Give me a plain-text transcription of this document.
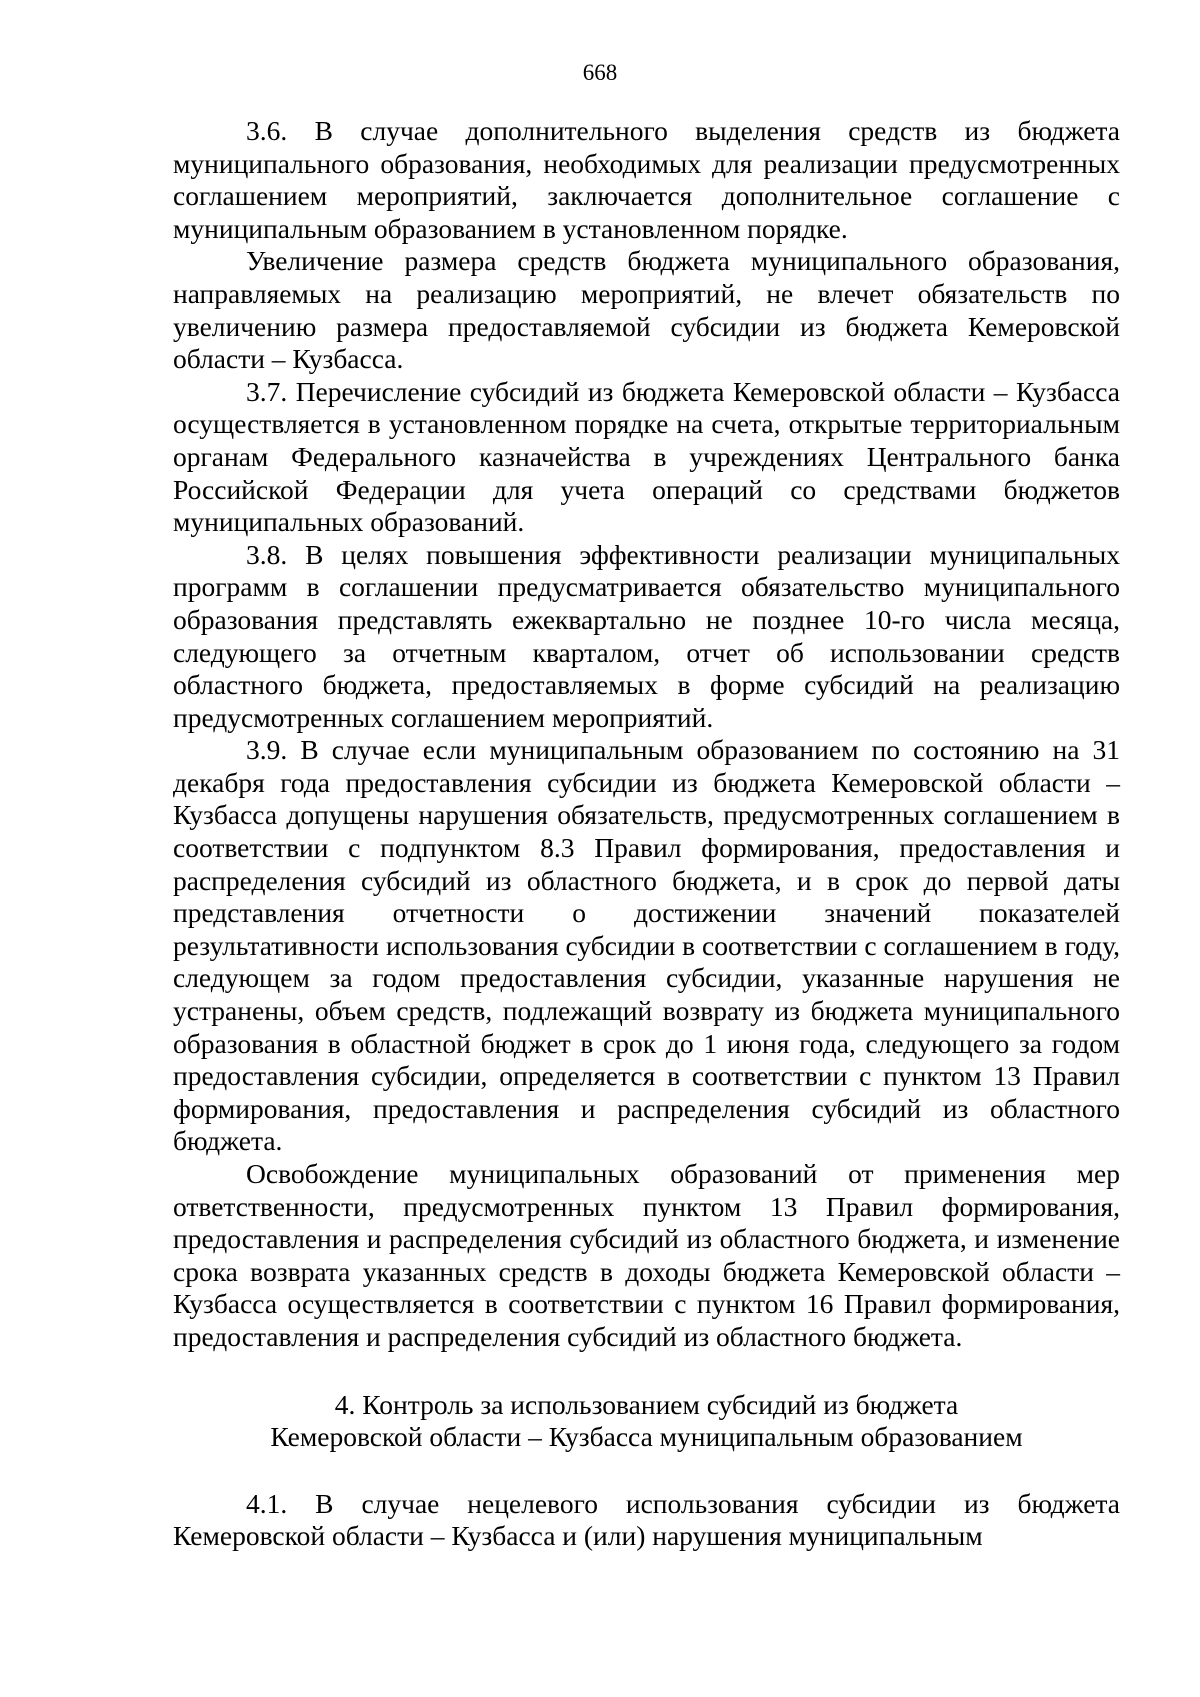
668

3.6. В случае дополнительного выделения средств из бюджета муниципального образования, необходимых для реализации предусмотренных соглашением мероприятий, заключается дополнительное соглашение с муниципальным образованием в установленном порядке.

Увеличение размера средств бюджета муниципального образования, направляемых на реализацию мероприятий, не влечет обязательств по увеличению размера предоставляемой субсидии из бюджета Кемеровской области – Кузбасса.

3.7. Перечисление субсидий из бюджета Кемеровской области – Кузбасса осуществляется в установленном порядке на счета, открытые территориальным органам Федерального казначейства в учреждениях Центрального банка Российской Федерации для учета операций со средствами бюджетов муниципальных образований.

3.8. В целях повышения эффективности реализации муниципальных программ в соглашении предусматривается обязательство муниципального образования представлять ежеквартально не позднее 10-го числа месяца, следующего за отчетным кварталом, отчет об использовании средств областного бюджета, предоставляемых в форме субсидий на реализацию предусмотренных соглашением мероприятий.

3.9. В случае если муниципальным образованием по состоянию на 31 декабря года предоставления субсидии из бюджета Кемеровской области – Кузбасса допущены нарушения обязательств, предусмотренных соглашением в соответствии с подпунктом 8.3 Правил формирования, предоставления и распределения субсидий из областного бюджета, и в срок до первой даты представления отчетности о достижении значений показателей результативности использования субсидии в соответствии с соглашением в году, следующем за годом предоставления субсидии, указанные нарушения не устранены, объем средств, подлежащий возврату из бюджета муниципального образования в областной бюджет в срок до 1 июня года, следующего за годом предоставления субсидии, определяется в соответствии с пунктом 13 Правил формирования, предоставления и распределения субсидий из областного бюджета.

Освобождение муниципальных образований от применения мер ответственности, предусмотренных пунктом 13 Правил формирования, предоставления и распределения субсидий из областного бюджета, и изменение срока возврата указанных средств в доходы бюджета Кемеровской области – Кузбасса осуществляется в соответствии с пунктом 16 Правил формирования, предоставления и распределения субсидий из областного бюджета.

4. Контроль за использованием субсидий из бюджета
Кемеровской области – Кузбасса муниципальным образованием

4.1. В случае нецелевого использования субсидии из бюджета Кемеровской области – Кузбасса и (или) нарушения муниципальным
